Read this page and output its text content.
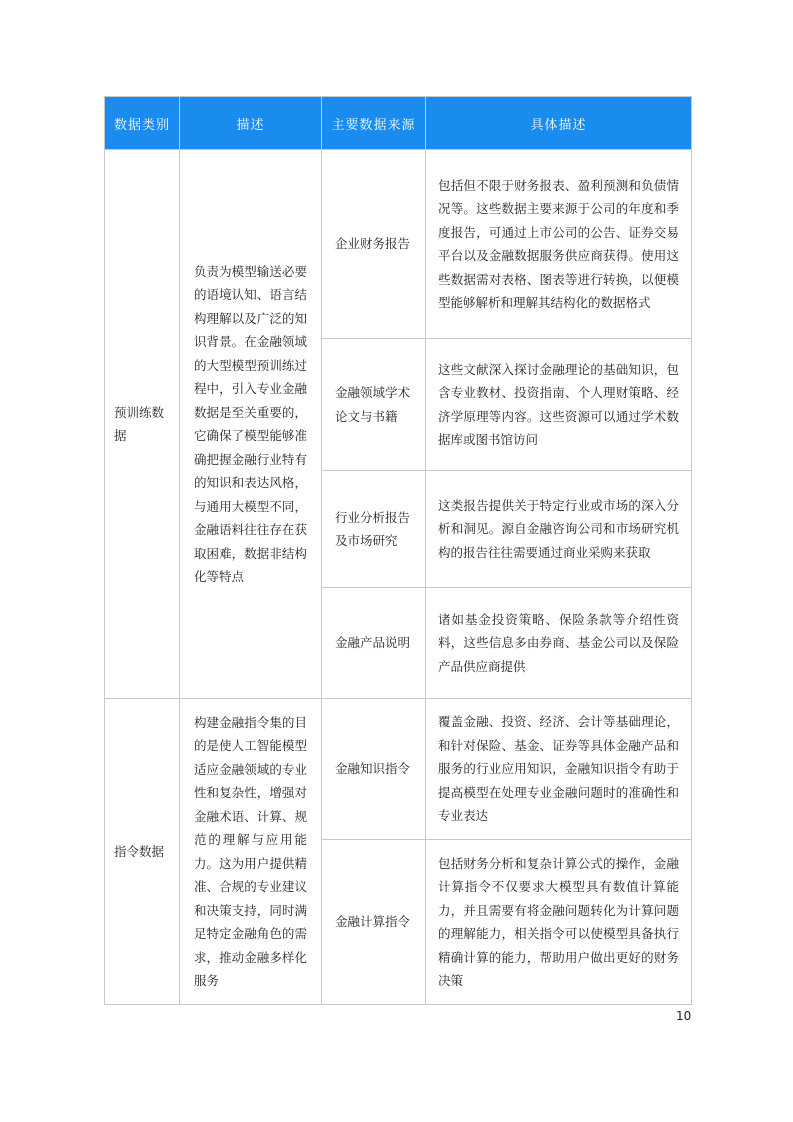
数据类别	描述	主要数据来源	具体描述
预训练数据	负责为模型输送必要的语境认知、语言结构理解以及广泛的知识背景。在金融领域的大型模型预训练过程中，引入专业金融数据是至关重要的，它确保了模型能够准确把握金融行业特有的知识和表达风格，与通用大模型不同，金融语料往往存在获取困难，数据非结构化等特点	企业财务报告	包括但不限于财务报表、盈利预测和负债情况等。这些数据主要来源于公司的年度和季度报告，可通过上市公司的公告、证券交易平台以及金融数据服务供应商获得。使用这些数据需对表格、图表等进行转换，以便模型能够解析和理解其结构化的数据格式
		金融领域学术论文与书籍	这些文献深入探讨金融理论的基础知识，包含专业教材、投资指南、个人理财策略、经济学原理等内容。这些资源可以通过学术数据库或图书馆访问
		行业分析报告及市场研究	这类报告提供关于特定行业或市场的深入分析和洞见。源自金融咨询公司和市场研究机构的报告往往需要通过商业采购来获取
		金融产品说明	诸如基金投资策略、保险条款等介绍性资料，这些信息多由券商、基金公司以及保险产品供应商提供
指令数据	构建金融指令集的目的是使人工智能模型适应金融领域的专业性和复杂性，增强对金融术语、计算、规范的理解与应用能力。这为用户提供精准、合规的专业建议和决策支持，同时满足特定金融角色的需求，推动金融多样化服务	金融知识指令	覆盖金融、投资、经济、会计等基础理论，和针对保险、基金、证券等具体金融产品和服务的行业应用知识，金融知识指令有助于提高模型在处理专业金融问题时的准确性和专业表达
		金融计算指令	包括财务分析和复杂计算公式的操作，金融计算指令不仅要求大模型具有数值计算能力，并且需要有将金融问题转化为计算问题的理解能力，相关指令可以使模型具备执行精确计算的能力，帮助用户做出更好的财务决策
10
